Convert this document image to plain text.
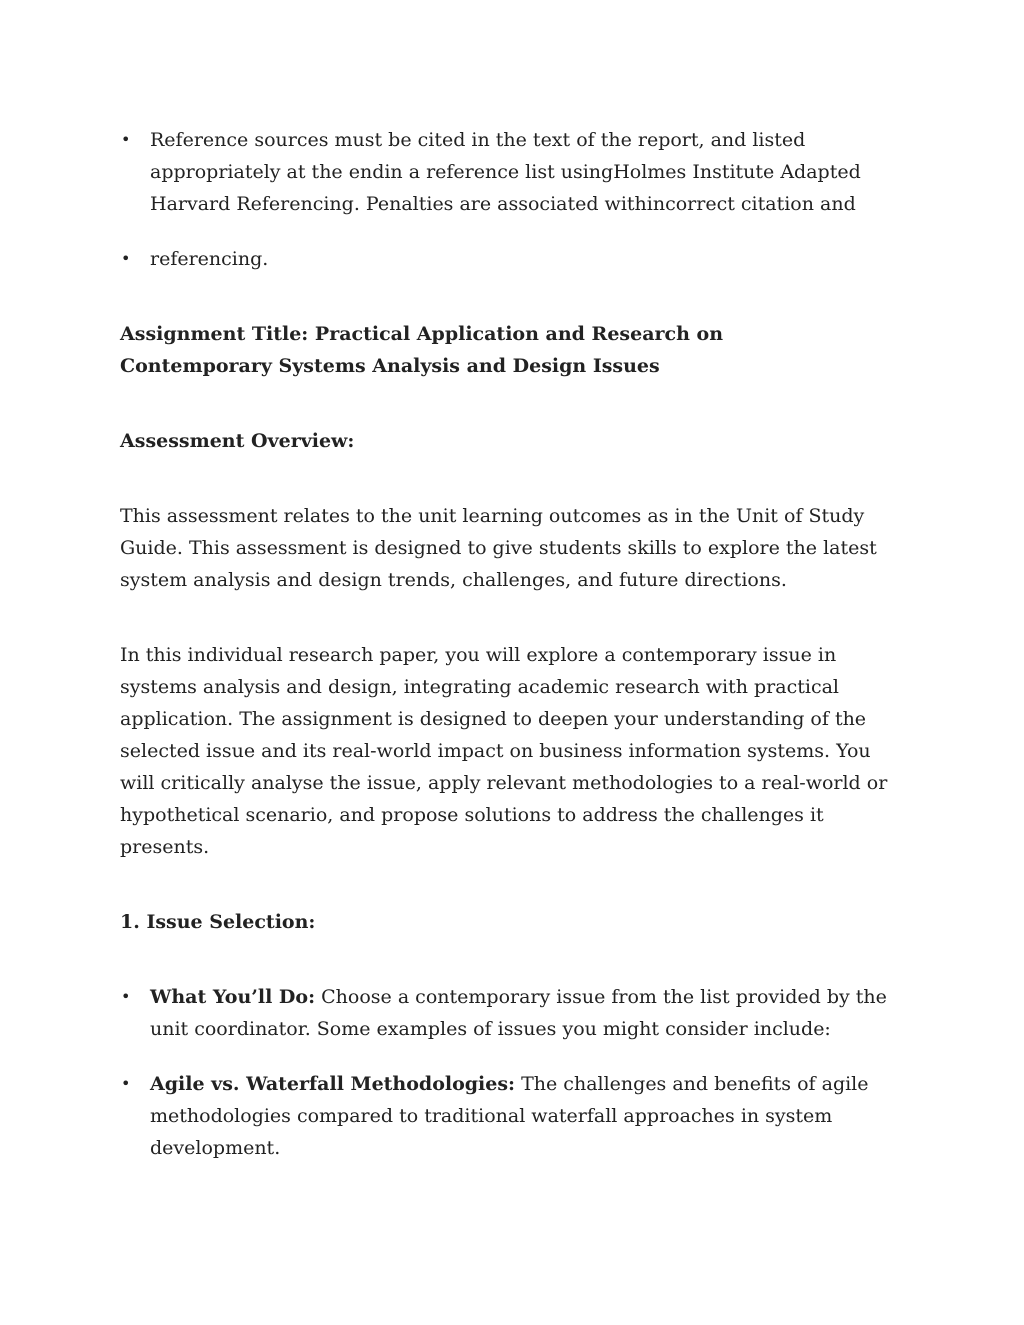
• Reference sources must be cited in the text of the report, and listed appropriately at the endin a reference list usingHolmes Institute Adapted Harvard Referencing. Penalties are associated withincorrect citation and
• referencing.

Assignment Title: Practical Application and Research on Contemporary Systems Analysis and Design Issues

Assessment Overview:

This assessment relates to the unit learning outcomes as in the Unit of Study Guide. This assessment is designed to give students skills to explore the latest system analysis and design trends, challenges, and future directions.

In this individual research paper, you will explore a contemporary issue in systems analysis and design, integrating academic research with practical application. The assignment is designed to deepen your understanding of the selected issue and its real-world impact on business information systems. You will critically analyse the issue, apply relevant methodologies to a real-world or hypothetical scenario, and propose solutions to address the challenges it presents.

1. Issue Selection:

• What You’ll Do: Choose a contemporary issue from the list provided by the unit coordinator. Some examples of issues you might consider include:
• Agile vs. Waterfall Methodologies: The challenges and benefits of agile methodologies compared to traditional waterfall approaches in system development.
